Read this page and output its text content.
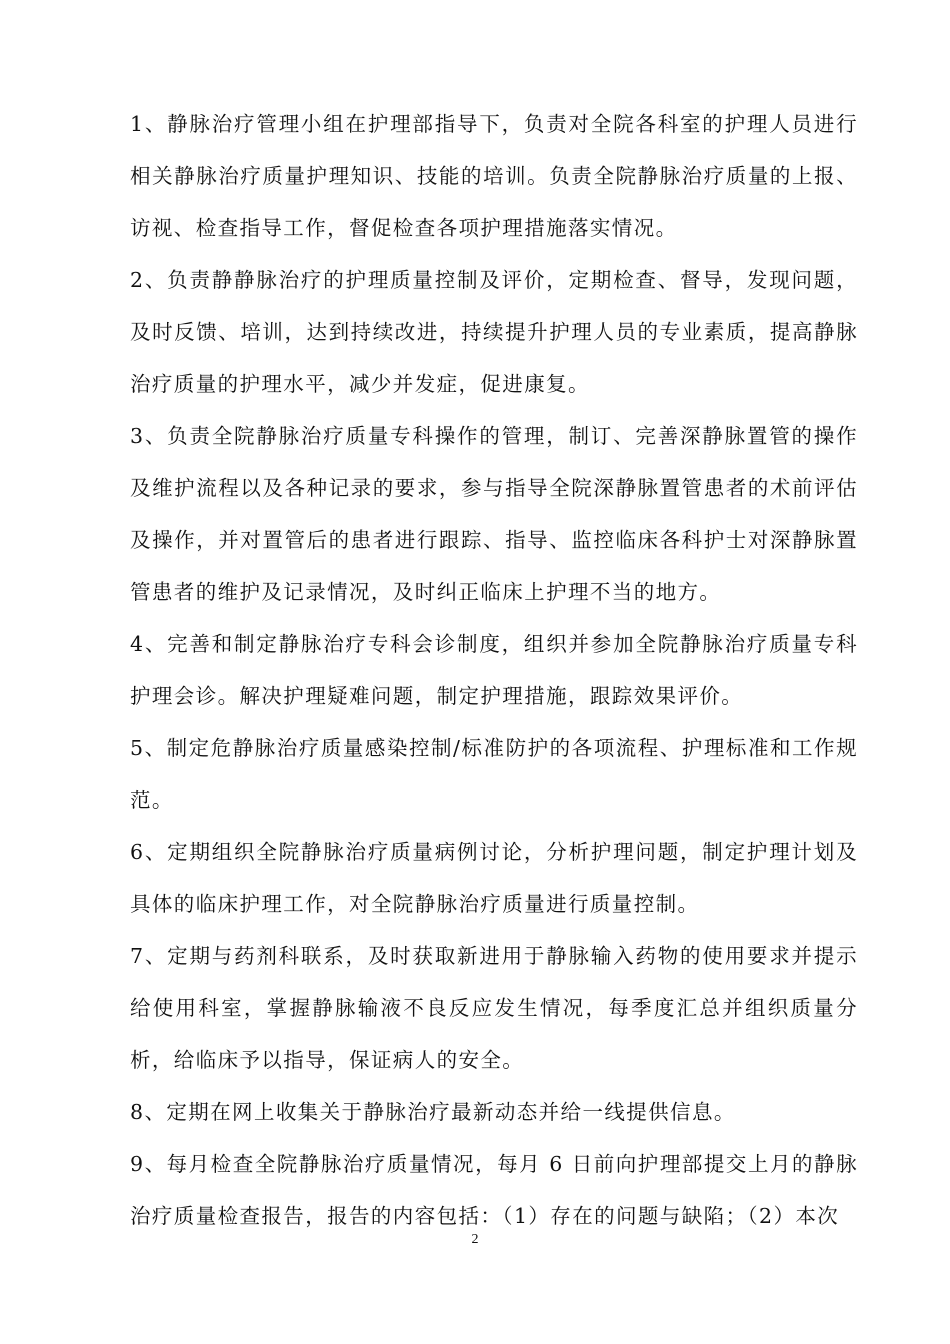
1、静脉治疗管理小组在护理部指导下，负责对全院各科室的护理人员进行相关静脉治疗质量护理知识、技能的培训。负责全院静脉治疗质量的上报、访视、检查指导工作，督促检查各项护理措施落实情况。

2、负责静静脉治疗的护理质量控制及评价，定期检查、督导，发现问题，及时反馈、培训，达到持续改进，持续提升护理人员的专业素质，提高静脉治疗质量的护理水平，减少并发症，促进康复。

3、负责全院静脉治疗质量专科操作的管理，制订、完善深静脉置管的操作及维护流程以及各种记录的要求，参与指导全院深静脉置管患者的术前评估及操作，并对置管后的患者进行跟踪、指导、监控临床各科护士对深静脉置管患者的维护及记录情况，及时纠正临床上护理不当的地方。

4、完善和制定静脉治疗专科会诊制度，组织并参加全院静脉治疗质量专科护理会诊。解决护理疑难问题，制定护理措施，跟踪效果评价。

5、制定危静脉治疗质量感染控制/标准防护的各项流程、护理标准和工作规范。

6、定期组织全院静脉治疗质量病例讨论，分析护理问题，制定护理计划及具体的临床护理工作，对全院静脉治疗质量进行质量控制。

7、定期与药剂科联系，及时获取新进用于静脉输入药物的使用要求并提示给使用科室，掌握静脉输液不良反应发生情况，每季度汇总并组织质量分析，给临床予以指导，保证病人的安全。

8、定期在网上收集关于静脉治疗最新动态并给一线提供信息。

9、每月检查全院静脉治疗质量情况，每月 6 日前向护理部提交上月的静脉治疗质量检查报告，报告的内容包括：（1）存在的问题与缺陷；（2）本次

2
